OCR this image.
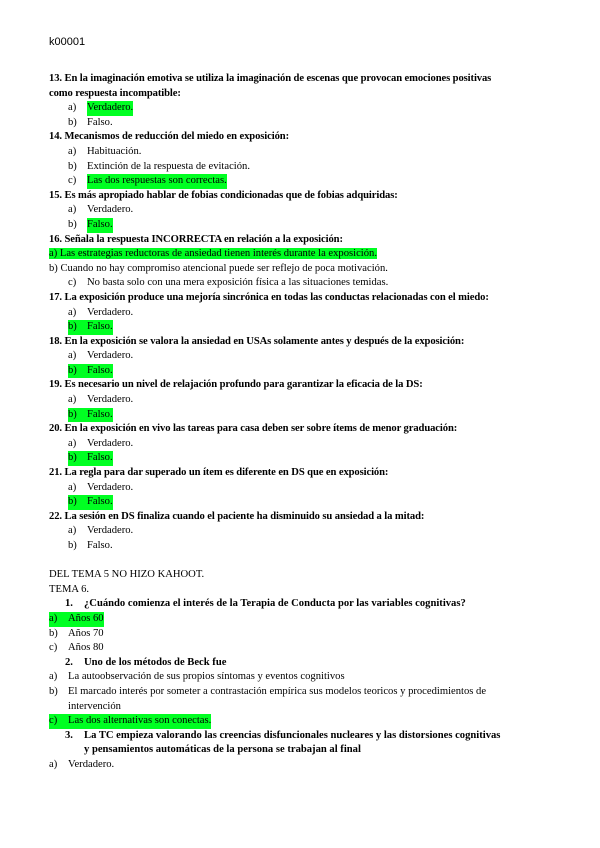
k00001
13. En la imaginación emotiva se utiliza la imaginación de escenas que provocan emociones positivas
como respuesta incompatible:
a)	Verdadero.
b) Falso.
14. Mecanismos de reducción del miedo en exposición:
a)	Habituación.
b) Extinción de la respuesta de evitación.
c)	Las dos respuestas son correctas.
15. Es más apropiado hablar de fobias condicionadas que de fobias adquiridas:
a)	Verdadero.
b) Falso.
16. Señala la respuesta INCORRECTA en relación a la exposición:
a) Las estrategias reductoras de ansiedad tienen interés durante la exposición.
b) Cuando no hay compromiso atencional puede ser reflejo de poca motivación.
c)	No basta solo con una mera exposición física a las situaciones temidas.
17. La exposición produce una mejoría sincrónica en todas las conductas relacionadas con el miedo:
a)	Verdadero.
b) Falso.
18. En la exposición se valora la ansiedad en USAs solamente antes y después de la exposición:
a)	Verdadero.
b) Falso.
19. Es necesario un nivel de relajación profundo para garantizar la eficacia de la DS:
a)	Verdadero.
b) Falso.
20. En la exposición en vivo las tareas para casa deben ser sobre ítems de menor graduación:
a)	Verdadero.
b) Falso.
21. La regla para dar superado un ítem es diferente en DS que en exposición:
a)	Verdadero.
b) Falso.
22. La sesión en DS finaliza cuando el paciente ha disminuido su ansiedad a la mitad:
a)	Verdadero.
b) Falso.
DEL TEMA 5 NO HIZO KAHOOT.
TEMA 6.
1.	¿Cuándo comienza el interés de la Terapia de Conducta por las variables cognitivas?
a)	Años 60
b) Años 70
c)	Años 80
2.	Uno de los métodos de Beck fue
a)	La autoobservación de sus propios síntomas y eventos cognitivos
b) El marcado interés por someter a contrastación empírica sus modelos teoricos y procedimientos de
intervención
c)	Las dos alternativas son conectas.
3.	La TC empieza valorando las creencias disfuncionales nucleares y las distorsiones cognitivas
y pensamientos automáticas de la persona se trabajan al final
a)	Verdadero.
